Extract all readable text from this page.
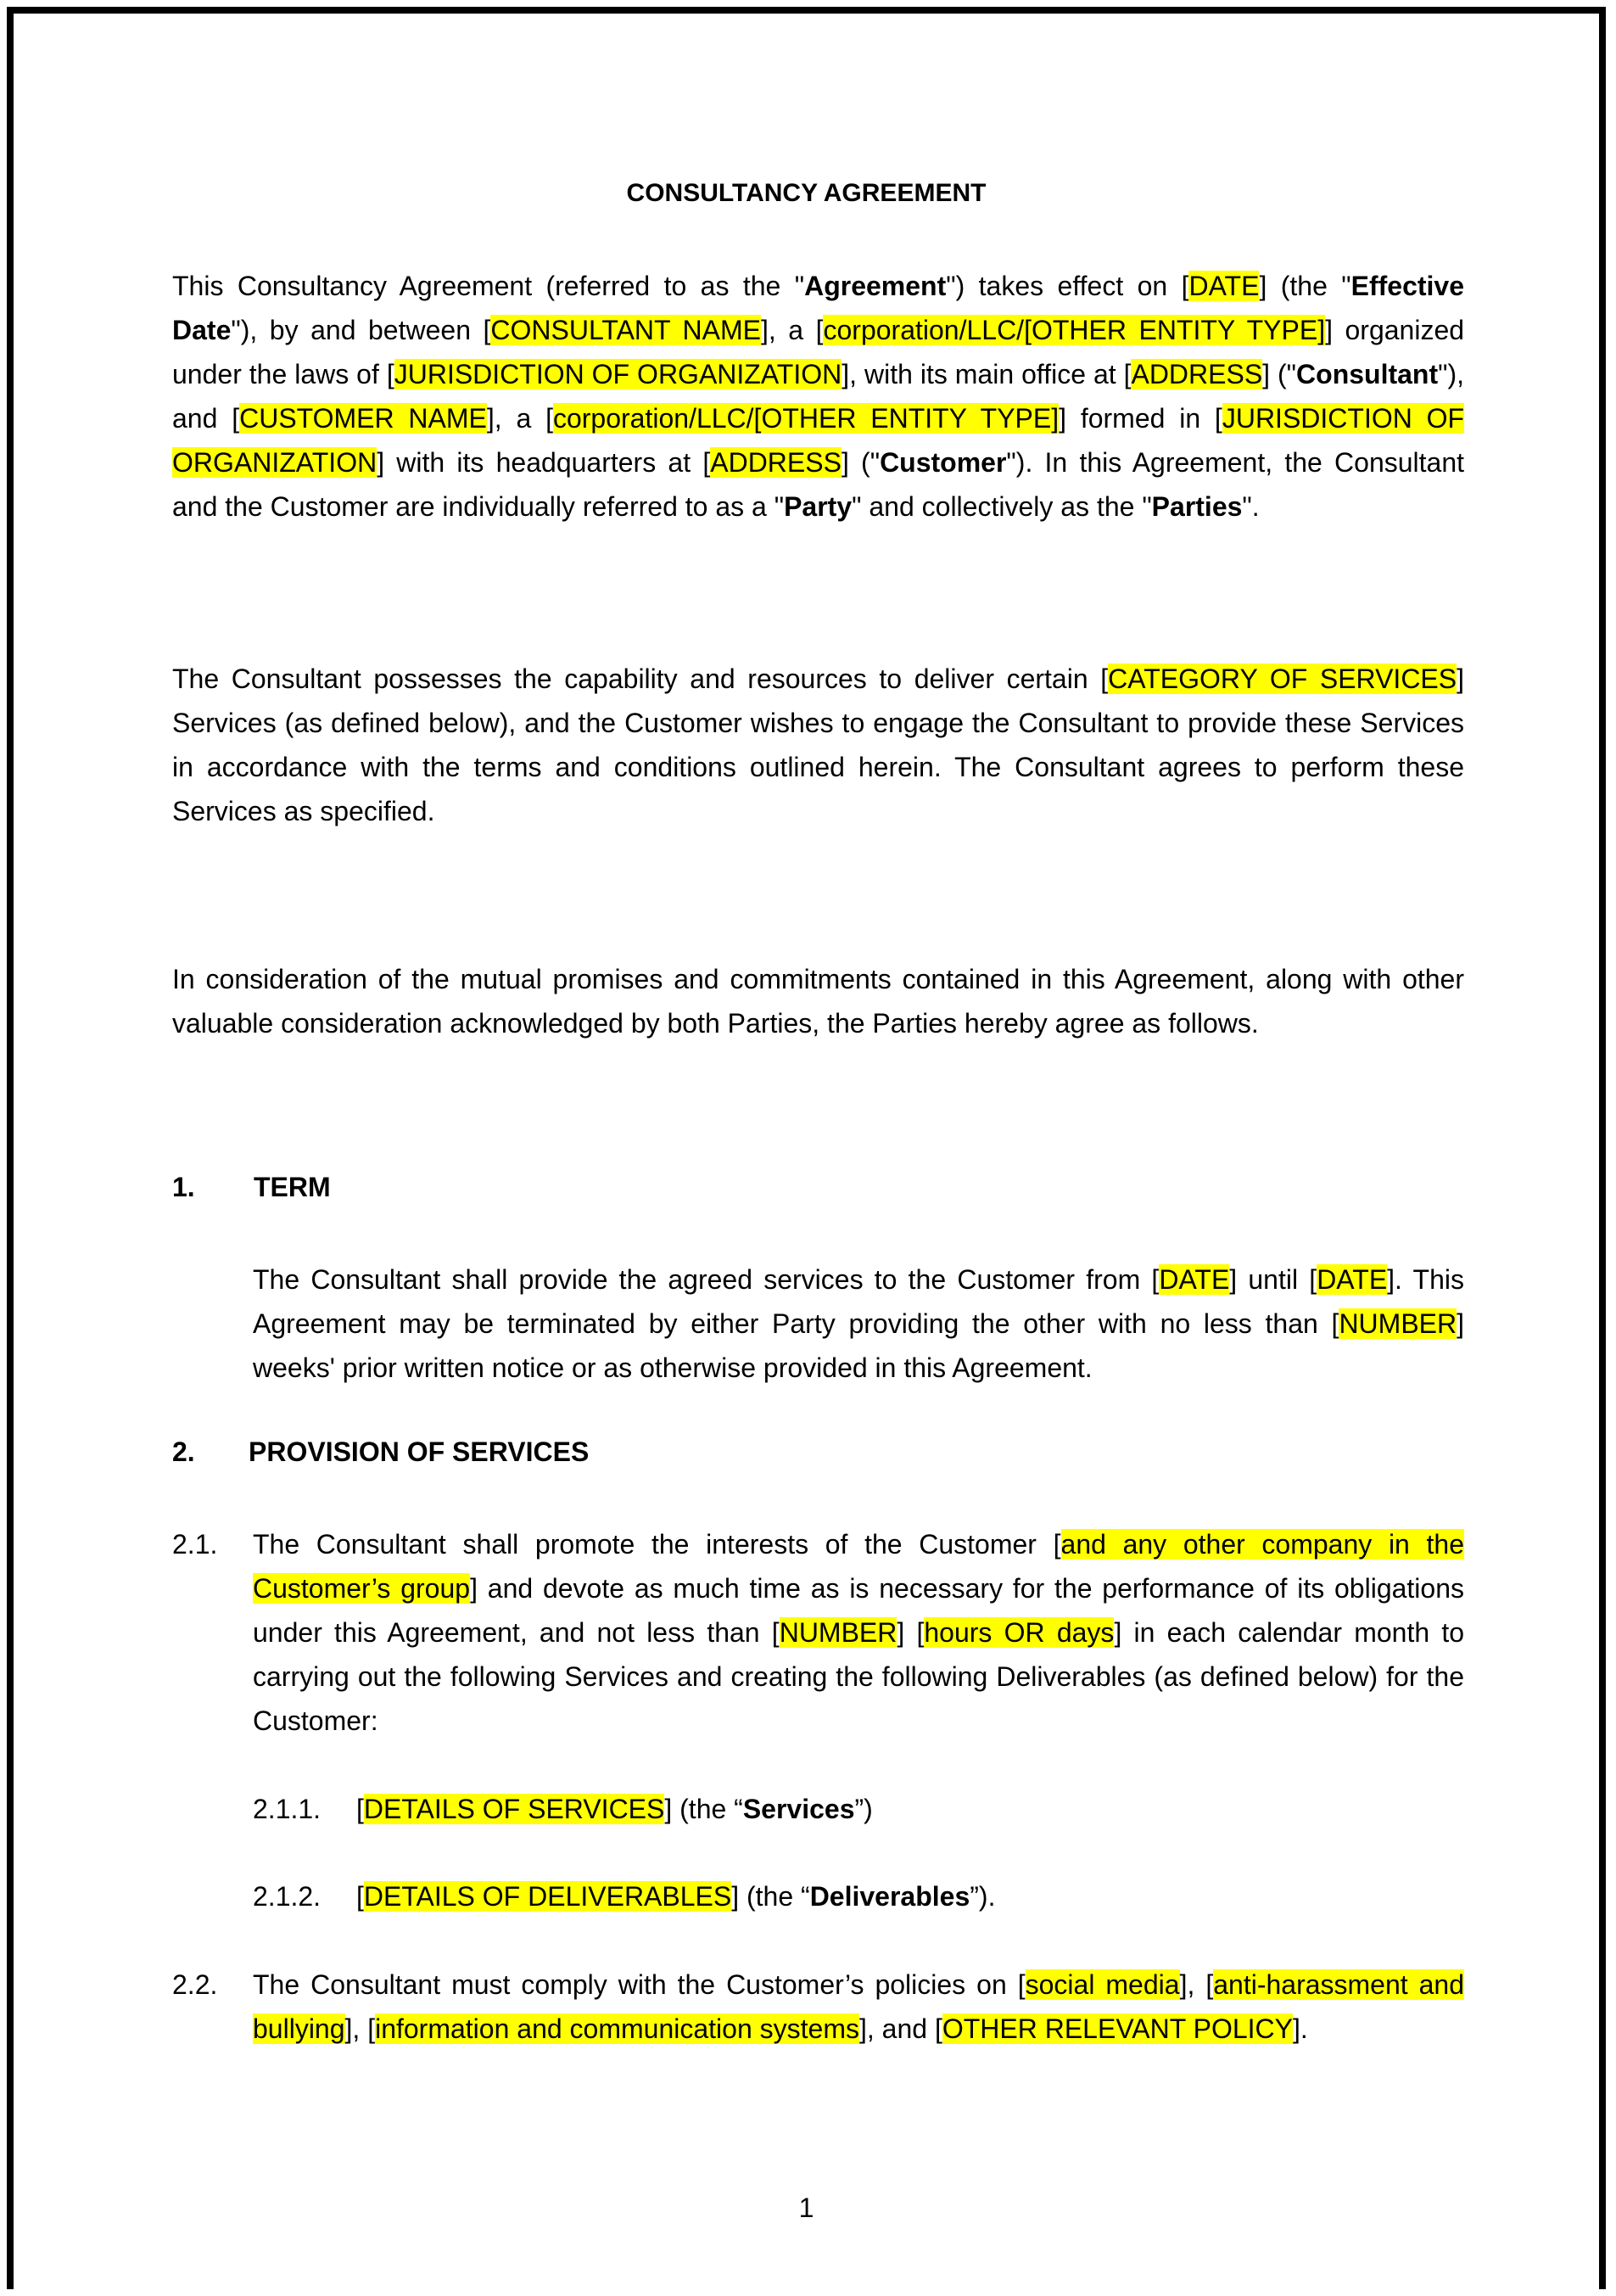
CONSULTANCY AGREEMENT

This Consultancy Agreement (referred to as the "Agreement") takes effect on [DATE] (the "Effective Date"), by and between [CONSULTANT NAME], a [corporation/LLC/[OTHER ENTITY TYPE]] organized under the laws of [JURISDICTION OF ORGANIZATION], with its main office at [ADDRESS] ("Consultant"), and [CUSTOMER NAME], a [corporation/LLC/[OTHER ENTITY TYPE]] formed in [JURISDICTION OF ORGANIZATION] with its headquarters at [ADDRESS] ("Customer"). In this Agreement, the Consultant and the Customer are individually referred to as a "Party" and collectively as the "Parties".

The Consultant possesses the capability and resources to deliver certain [CATEGORY OF SERVICES] Services (as defined below), and the Customer wishes to engage the Consultant to provide these Services in accordance with the terms and conditions outlined herein. The Consultant agrees to perform these Services as specified.

In consideration of the mutual promises and commitments contained in this Agreement, along with other valuable consideration acknowledged by both Parties, the Parties hereby agree as follows.

1. TERM

The Consultant shall provide the agreed services to the Customer from [DATE] until [DATE]. This Agreement may be terminated by either Party providing the other with no less than [NUMBER] weeks' prior written notice or as otherwise provided in this Agreement.

2. PROVISION OF SERVICES
2.1. The Consultant shall promote the interests of the Customer [and any other company in the Customer’s group] and devote as much time as is necessary for the performance of its obligations under this Agreement, and not less than [NUMBER] [hours OR days] in each calendar month to carrying out the following Services and creating the following Deliverables (as defined below) for the Customer:
2.1.1. [DETAILS OF SERVICES] (the “Services”)
2.1.2. [DETAILS OF DELIVERABLES] (the “Deliverables”).
2.2. The Consultant must comply with the Customer’s policies on [social media], [anti-harassment and bullying], [information and communication systems], and [OTHER RELEVANT POLICY].
1
